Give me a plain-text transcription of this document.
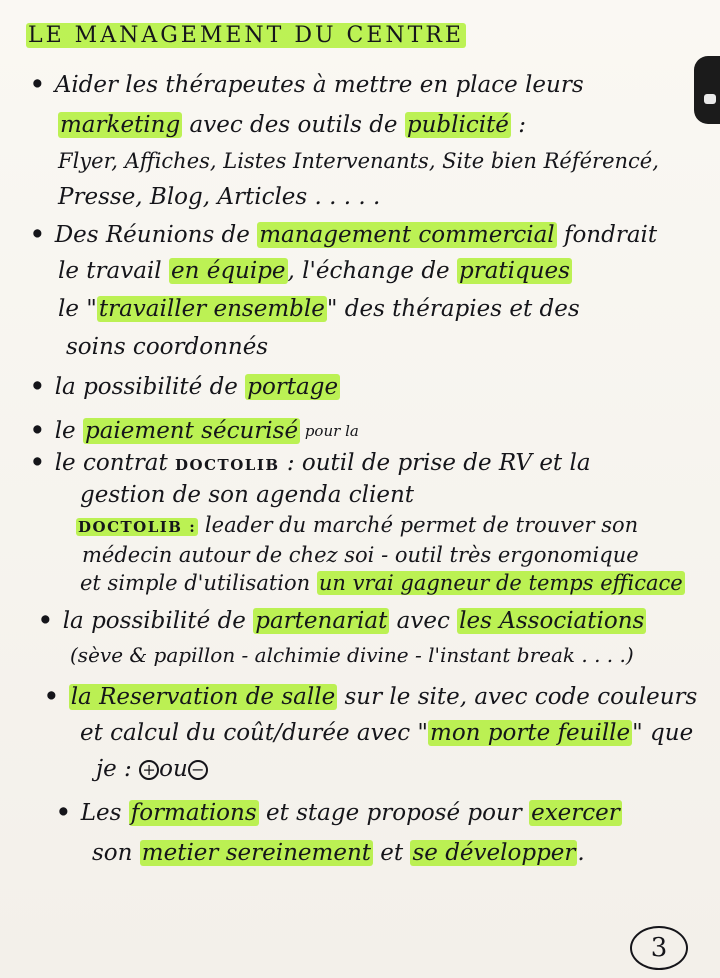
LE MANAGEMENT DU CENTRE
• Aider les thérapeutes à mettre en place leurs
marketing avec des outils de publicité :
Flyer, Affiches, Listes Intervenants, Site bien Référencé,
Presse, Blog, Articles . . . . .
• Des Réunions de management commercial fondrait
le travail en équipe, l'échange de pratiques
le "travailler ensemble" des thérapies et des
soins coordonnés
• la possibilité de portage
• le paiement sécurisé $^{pour la}$
• le contrat DOCTOLIB : outil de prise de RV et la
gestion de son agenda client
DOCTOLIB : leader du marché permet de trouver son
médecin autour de chez soi - outil très ergonomique
et simple d'utilisation un vrai gagneur de temps efficace
• la possibilité de partenariat avec les Associations
(sève & papillon - alchimie divine - l'instant break . . . .)
• la Reservation de salle sur le site, avec code couleurs
et calcul du coût/durée avec "mon porte feuille" que
je : + ou −
• Les formations et stage proposé pour exercer
son metier sereinement et se développer.
3
